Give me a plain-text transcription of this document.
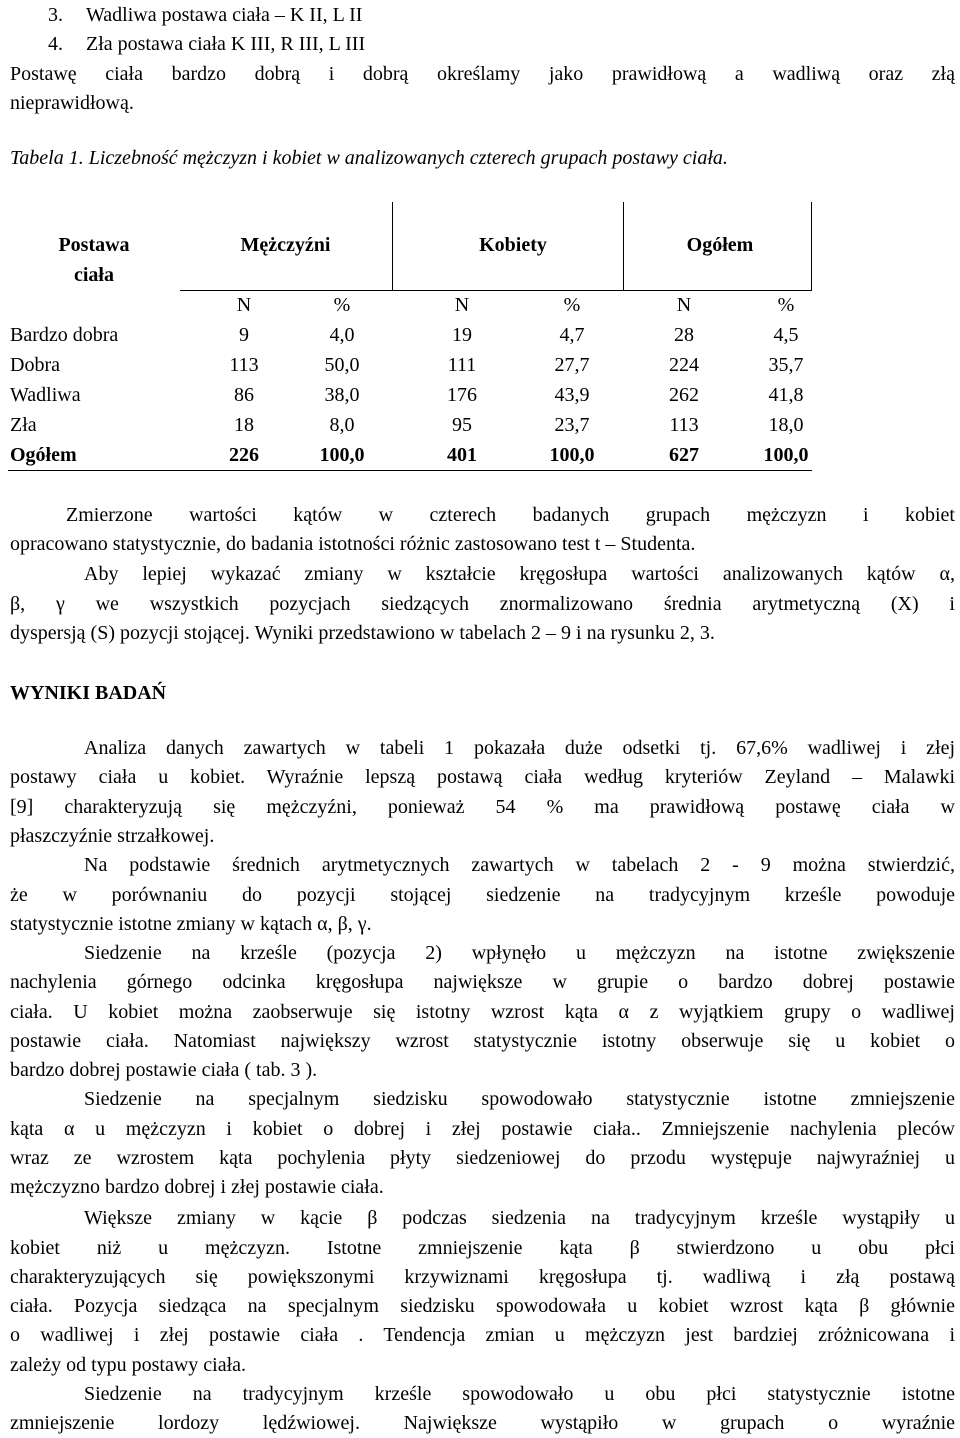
3. Wadliwa postawa ciała – K II, L II
4. Zła postawa ciała K III, R III, L III
Postawę ciała bardzo dobrą i dobrą określamy jako prawidłową a wadliwą oraz złą
nieprawidłową.
Tabela 1. Liczebność mężczyzn i kobiet w analizowanych czterech grupach postawy ciała.
Postawa
ciała
Mężczyźni	Kobiety	Ogółem
N	%	N	%	N	%
Bardzo dobra	9	4,0	19	4,7	28	4,5
Dobra	113	50,0	111	27,7	224	35,7
Wadliwa	86	38,0	176	43,9	262	41,8
Zła	18	8,0	95	23,7	113	18,0
Ogółem	226	100,0	401	100,0	627	100,0
Zmierzone wartości kątów w czterech badanych grupach mężczyzn i kobiet
opracowano statystycznie, do badania istotności różnic zastosowano test t – Studenta.
Aby lepiej wykazać zmiany w kształcie kręgosłupa wartości analizowanych kątów α,
β, γ we wszystkich pozycjach siedzących znormalizowano średnia arytmetyczną (X) i
dyspersją (S) pozycji stojącej. Wyniki przedstawiono w tabelach 2 – 9 i na rysunku 2, 3.
WYNIKI BADAŃ
Analiza danych zawartych w tabeli 1 pokazała duże odsetki tj. 67,6% wadliwej i złej
postawy ciała u kobiet. Wyraźnie lepszą postawą ciała według kryteriów Zeyland – Malawki
[9] charakteryzują się mężczyźni, ponieważ 54 % ma prawidłową postawę ciała w
płaszczyźnie strzałkowej.
Na podstawie średnich arytmetycznych zawartych w tabelach 2 - 9 można stwierdzić,
że w porównaniu do pozycji stojącej siedzenie na tradycyjnym krześle powoduje
statystycznie istotne zmiany w kątach α, β, γ.
Siedzenie na krześle (pozycja 2) wpłynęło u mężczyzn na istotne zwiększenie
nachylenia górnego odcinka kręgosłupa największe w grupie o bardzo dobrej postawie
ciała. U kobiet można zaobserwuje się istotny wzrost kąta α z wyjątkiem grupy o wadliwej
postawie ciała. Natomiast największy wzrost statystycznie istotny obserwuje się u kobiet o
bardzo dobrej postawie ciała ( tab. 3 ).
Siedzenie na specjalnym siedzisku spowodowało statystycznie istotne zmniejszenie
kąta α u mężczyzn i kobiet o dobrej i złej postawie ciała.. Zmniejszenie nachylenia pleców
wraz ze wzrostem kąta pochylenia płyty siedzeniowej do przodu występuje najwyraźniej u
mężczyzno bardzo dobrej i złej postawie ciała.
Większe zmiany w kącie β podczas siedzenia na tradycyjnym krześle wystąpiły u
kobiet niż u mężczyzn. Istotne zmniejszenie kąta β stwierdzono u obu płci
charakteryzujących się powiększonymi krzywiznami kręgosłupa tj. wadliwą i złą postawą
ciała. Pozycja siedząca na specjalnym siedzisku spowodowała u kobiet wzrost kąta β głównie
o wadliwej i złej postawie ciała . Tendencja zmian u mężczyzn jest bardziej zróżnicowana i
zależy od typu postawy ciała.
Siedzenie na tradycyjnym krześle spowodowało u obu płci statystycznie istotne
zmniejszenie lordozy lędźwiowej. Największe wystąpiło w grupach o wyraźnie
